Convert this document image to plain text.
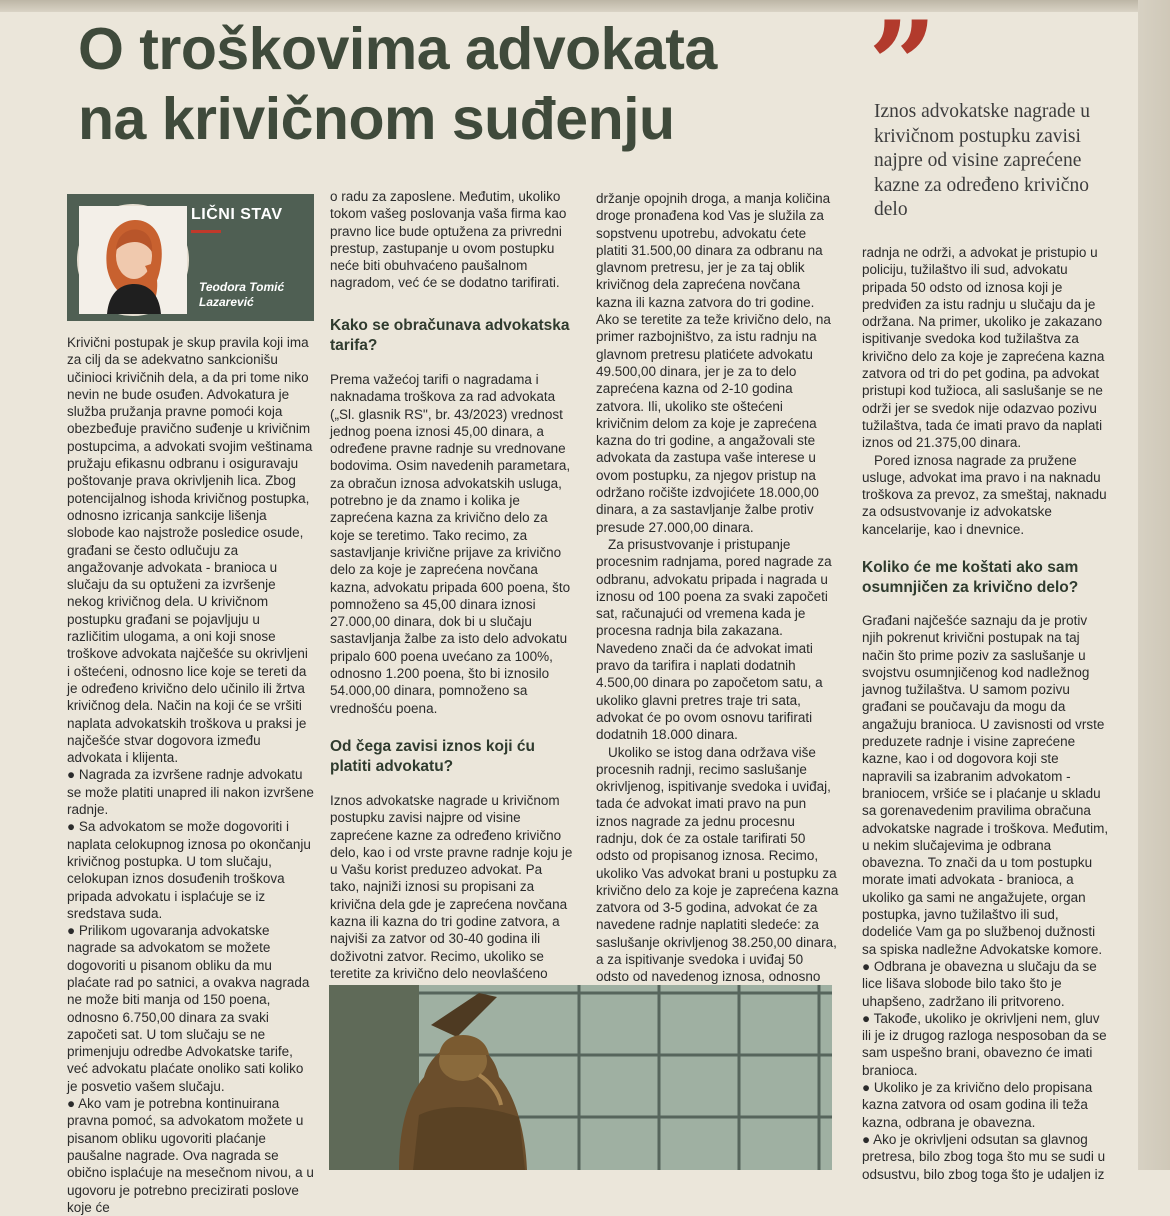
O troškovima advokata
na krivičnom suđenju	”
Iznos advokatske nagrade u krivičnom postupku zavisi najpre od visine zaprećene kazne za određeno krivično delo
LIČNI STAV
Teodora Tomić
Lazarević

Krivični postupak je skup pravila koji ima za cilj da se adekvatno sankcionišu učinioci krivičnih dela, a da pri tome niko nevin ne bude osuđen. Advokatura je služba pružanja pravne pomoći koja obezbeđuje pravično suđenje u krivičnim postupcima, a advokati svojim veštinama pružaju efikasnu odbranu i osiguravaju poštovanje prava okrivljenih lica. Zbog potencijalnog ishoda krivičnog postupka, odnosno izricanja sankcije lišenja slobode kao najstrože posledice osude, građani se često odlučuju za angažovanje advokata - branioca u slučaju da su optuženi za izvršenje nekog krivičnog dela. U krivičnom postupku građani se pojavljuju u različitim ulogama, a oni koji snose troškove advokata najčešće su okrivljeni i oštećeni, odnosno lice koje se tereti da je određeno krivično delo učinilo ili žrtva krivičnog dela. Način na koji će se vršiti naplata advokatskih troškova u praksi je najčešće stvar dogovora između advokata i klijenta.

● Nagrada za izvršene radnje advokatu se može platiti unapred ili nakon izvršene radnje.

● Sa advokatom se može dogovoriti i naplata celokupnog iznosa po okončanju krivičnog postupka. U tom slučaju, celokupan iznos dosuđenih troškova pripada advokatu i isplaćuje se iz sredstava suda.

● Prilikom ugovaranja advokatske nagrade sa advokatom se možete dogovoriti u pisanom obliku da mu plaćate rad po satnici, a ovakva nagrada ne može biti manja od 150 poena, odnosno 6.750,00 dinara za svaki započeti sat. U tom slučaju se ne primenjuju odredbe Advokatske tarife, već advokatu plaćate onoliko sati koliko je posvetio vašem slučaju.

● Ako vam je potrebna kontinuirana pravna pomoć, sa advokatom možete u pisanom obliku ugovoriti plaćanje paušalne nagrade. Ova nagrada se obično isplaćuje na mesečnom nivou, a u ugovoru je potrebno precizirati poslove koje će

o radu za zaposlene. Međutim, ukoliko tokom vašeg poslovanja vaša firma kao pravno lice bude optužena za privredni prestup, zastupanje u ovom postupku neće biti obuhvaćeno paušalnom nagradom, već će se dodatno tarifirati.

Kako se obračunava advokatska tarifa?

Prema važećoj tarifi o nagradama i naknadama troškova za rad advokata („Sl. glasnik RS", br. 43/2023) vrednost jednog poena iznosi 45,00 dinara, a određene pravne radnje su vrednovane bodovima. Osim navedenih parametara, za obračun iznosa advokatskih usluga, potrebno je da znamo i kolika je zaprećena kazna za krivično delo za koje se teretimo. Tako recimo, za sastavljanje krivične prijave za krivično delo za koje je zaprećena novčana kazna, advokatu pripada 600 poena, što pomnoženo sa 45,00 dinara iznosi 27.000,00 dinara, dok bi u slučaju sastavljanja žalbe za isto delo advokatu pripalo 600 poena uvećano za 100%, odnosno 1.200 poena, što bi iznosilo 54.000,00 dinara, pomnoženo sa vrednošću poena.

Od čega zavisi iznos koji ću platiti advokatu?

Iznos advokatske nagrade u krivičnom postupku zavisi najpre od visine zaprećene kazne za određeno krivično delo, kao i od vrste pravne radnje koju je u Vašu korist preduzeo advokat. Pa tako, najniži iznosi su propisani za krivična dela gde je zaprećena novčana kazna ili kazna do tri godine zatvora, a najviši za zatvor od 30-40 godina ili doživotni zatvor. Recimo, ukoliko se teretite za krivično delo neovlašćeno

držanje opojnih droga, a manja količina droge pronađena kod Vas je služila za sopstvenu upotrebu, advokatu ćete platiti 31.500,00 dinara za odbranu na glavnom pretresu, jer je za taj oblik krivičnog dela zaprećena novčana kazna ili kazna zatvora do tri godine. Ako se teretite za teže krivično delo, na primer razbojništvo, za istu radnju na glavnom pretresu platićete advokatu 49.500,00 dinara, jer je za to delo zaprećena kazna od 2-10 godina zatvora. Ili, ukoliko ste oštećeni krivičnim delom za koje je zaprećena kazna do tri godine, a angažovali ste advokata da zastupa vaše interese u ovom postupku, za njegov pristup na održano ročište izdvojićete 18.000,00 dinara, a za sastavljanje žalbe protiv presude 27.000,00 dinara.

Za prisustvovanje i pristupanje procesnim radnjama, pored nagrade za odbranu, advokatu pripada i nagrada u iznosu od 100 poena za svaki započeti sat, računajući od vremena kada je procesna radnja bila zakazana. Navedeno znači da će advokat imati pravo da tarifira i naplati dodatnih 4.500,00 dinara po započetom satu, a ukoliko glavni pretres traje tri sata, advokat će po ovom osnovu tarifirati dodatnih 18.000 dinara.

Ukoliko se istog dana održava više procesnih radnji, recimo saslušanje okrivljenog, ispitivanje svedoka i uviđaj, tada će advokat imati pravo na pun iznos nagrade za jednu procesnu radnju, dok će za ostale tarifirati 50 odsto od propisanog iznosa. Recimo, ukoliko Vas advokat brani u postupku za krivično delo za koje je zaprećena kazna zatvora od 3-5 godina, advokat će za navedene radnje naplatiti sledeće: za saslušanje okrivljenog 38.250,00 dinara, a za ispitivanje svedoka i uviđaj 50 odsto od navedenog iznosa, odnosno

radnja ne održi, a advokat je pristupio u policiju, tužilaštvo ili sud, advokatu pripada 50 odsto od iznosa koji je predviđen za istu radnju u slučaju da je održana. Na primer, ukoliko je zakazano ispitivanje svedoka kod tužilaštva za krivično delo za koje je zaprećena kazna zatvora od tri do pet godina, pa advokat pristupi kod tužioca, ali saslušanje se ne održi jer se svedok nije odazvao pozivu tužilaštva, tada će imati pravo da naplati iznos od 21.375,00 dinara.

Pored iznosa nagrade za pružene usluge, advokat ima pravo i na naknadu troškova za prevoz, za smeštaj, naknadu za odsustvovanje iz advokatske kancelarije, kao i dnevnice.

Koliko će me koštati ako sam osumnjičen za krivično delo?

Građani najčešće saznaju da je protiv njih pokrenut krivični postupak na taj način što prime poziv za saslušanje u svojstvu osumnjičenog kod nadležnog javnog tužilaštva. U samom pozivu građani se poučavaju da mogu da angažuju branioca. U zavisnosti od vrste preduzete radnje i visine zaprećene kazne, kao i od dogovora koji ste napravili sa izabranim advokatom - braniocem, vršiće se i plaćanje u skladu sa gorenavedenim pravilima obračuna advokatske nagrade i troškova. Međutim, u nekim slučajevima je odbrana obavezna. To znači da u tom postupku morate imati advokata - branioca, a ukoliko ga sami ne angažujete, organ postupka, javno tužilaštvo ili sud, dodeliće Vam ga po službenoj dužnosti sa spiska nadležne Advokatske komore.

● Odbrana je obavezna u slučaju da se lice lišava slobode bilo tako što je uhapšeno, zadržano ili pritvoreno.

● Takođe, ukoliko je okrivljeni nem, gluv ili je iz drugog razloga nesposoban da se sam uspešno brani, obavezno će imati branioca.

● Ukoliko je za krivično delo propisana kazna zatvora od osam godina ili teža kazna, odbrana je obavezna.

● Ako je okrivljeni odsutan sa glavnog pretresa, bilo zbog toga što mu se sudi u odsustvu, bilo zbog toga što je udaljen iz
